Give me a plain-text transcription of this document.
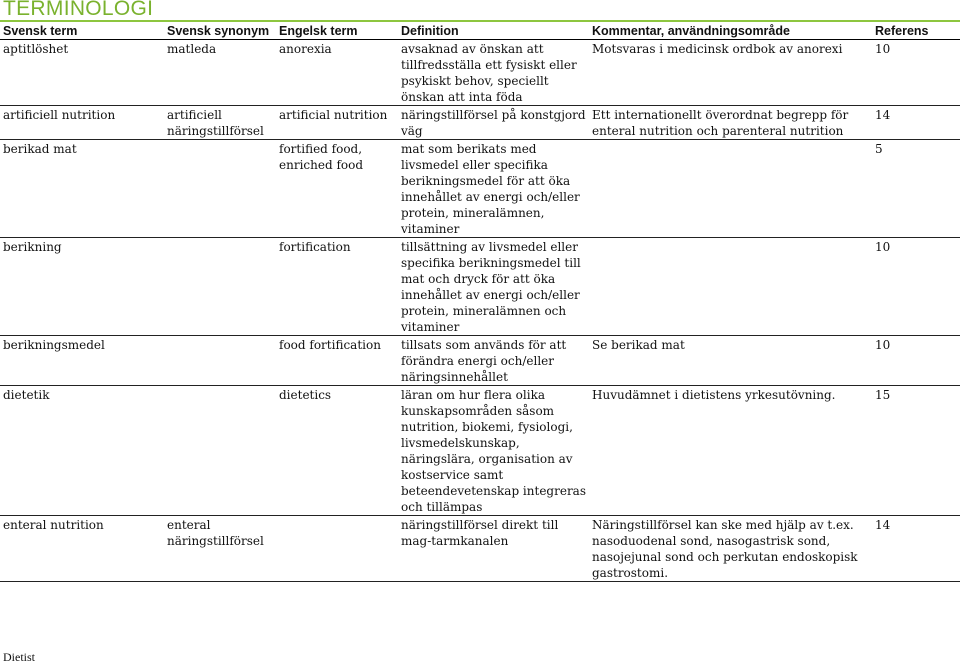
TERMINOLOGI
Svensk term	Svensk synonym	Engelsk term	Definition	Kommentar, användningsområde	Referens
aptitlöshet	matleda	anorexia	avsaknad av önskan att tillfredsställa ett fysiskt eller psykiskt behov, speciellt önskan att inta föda	Motsvaras i medicinsk ordbok av anorexi	10
artificiell nutrition	artificiell näringstillförsel	artificial nutrition	näringstillförsel på konstgjord väg	Ett internationellt överordnat begrepp för enteral nutrition och parenteral nutrition	14
berikad mat		fortified food, enriched food	mat som berikats med livsmedel eller specifika berikningsmedel för att öka innehållet av energi och/eller protein, mineralämnen, vitaminer		5
berikning		fortification	tillsättning av livsmedel eller specifika berikningsmedel till mat och dryck för att öka innehållet av energi och/eller protein, mineralämnen och vitaminer		10
berikningsmedel		food fortification	tillsats som används för att förändra energi och/eller näringsinnehållet	Se berikad mat	10
dietetik		dietetics	läran om hur flera olika kunskapsområden såsom nutrition, biokemi, fysiologi, livsmedelskunskap, näringslära, organisation av kostservice samt beteendevetenskap integreras och tillämpas	Huvudämnet i dietistens yrkesutövning.	15
enteral nutrition	enteral näringstillförsel		näringstillförsel direkt till mag-tarmkanalen	Näringstillförsel kan ske med hjälp av t.ex. nasoduodenal sond, nasogastrisk sond, nasojejunal sond och perkutan endoskopisk gastrostomi.	14
Dietist
